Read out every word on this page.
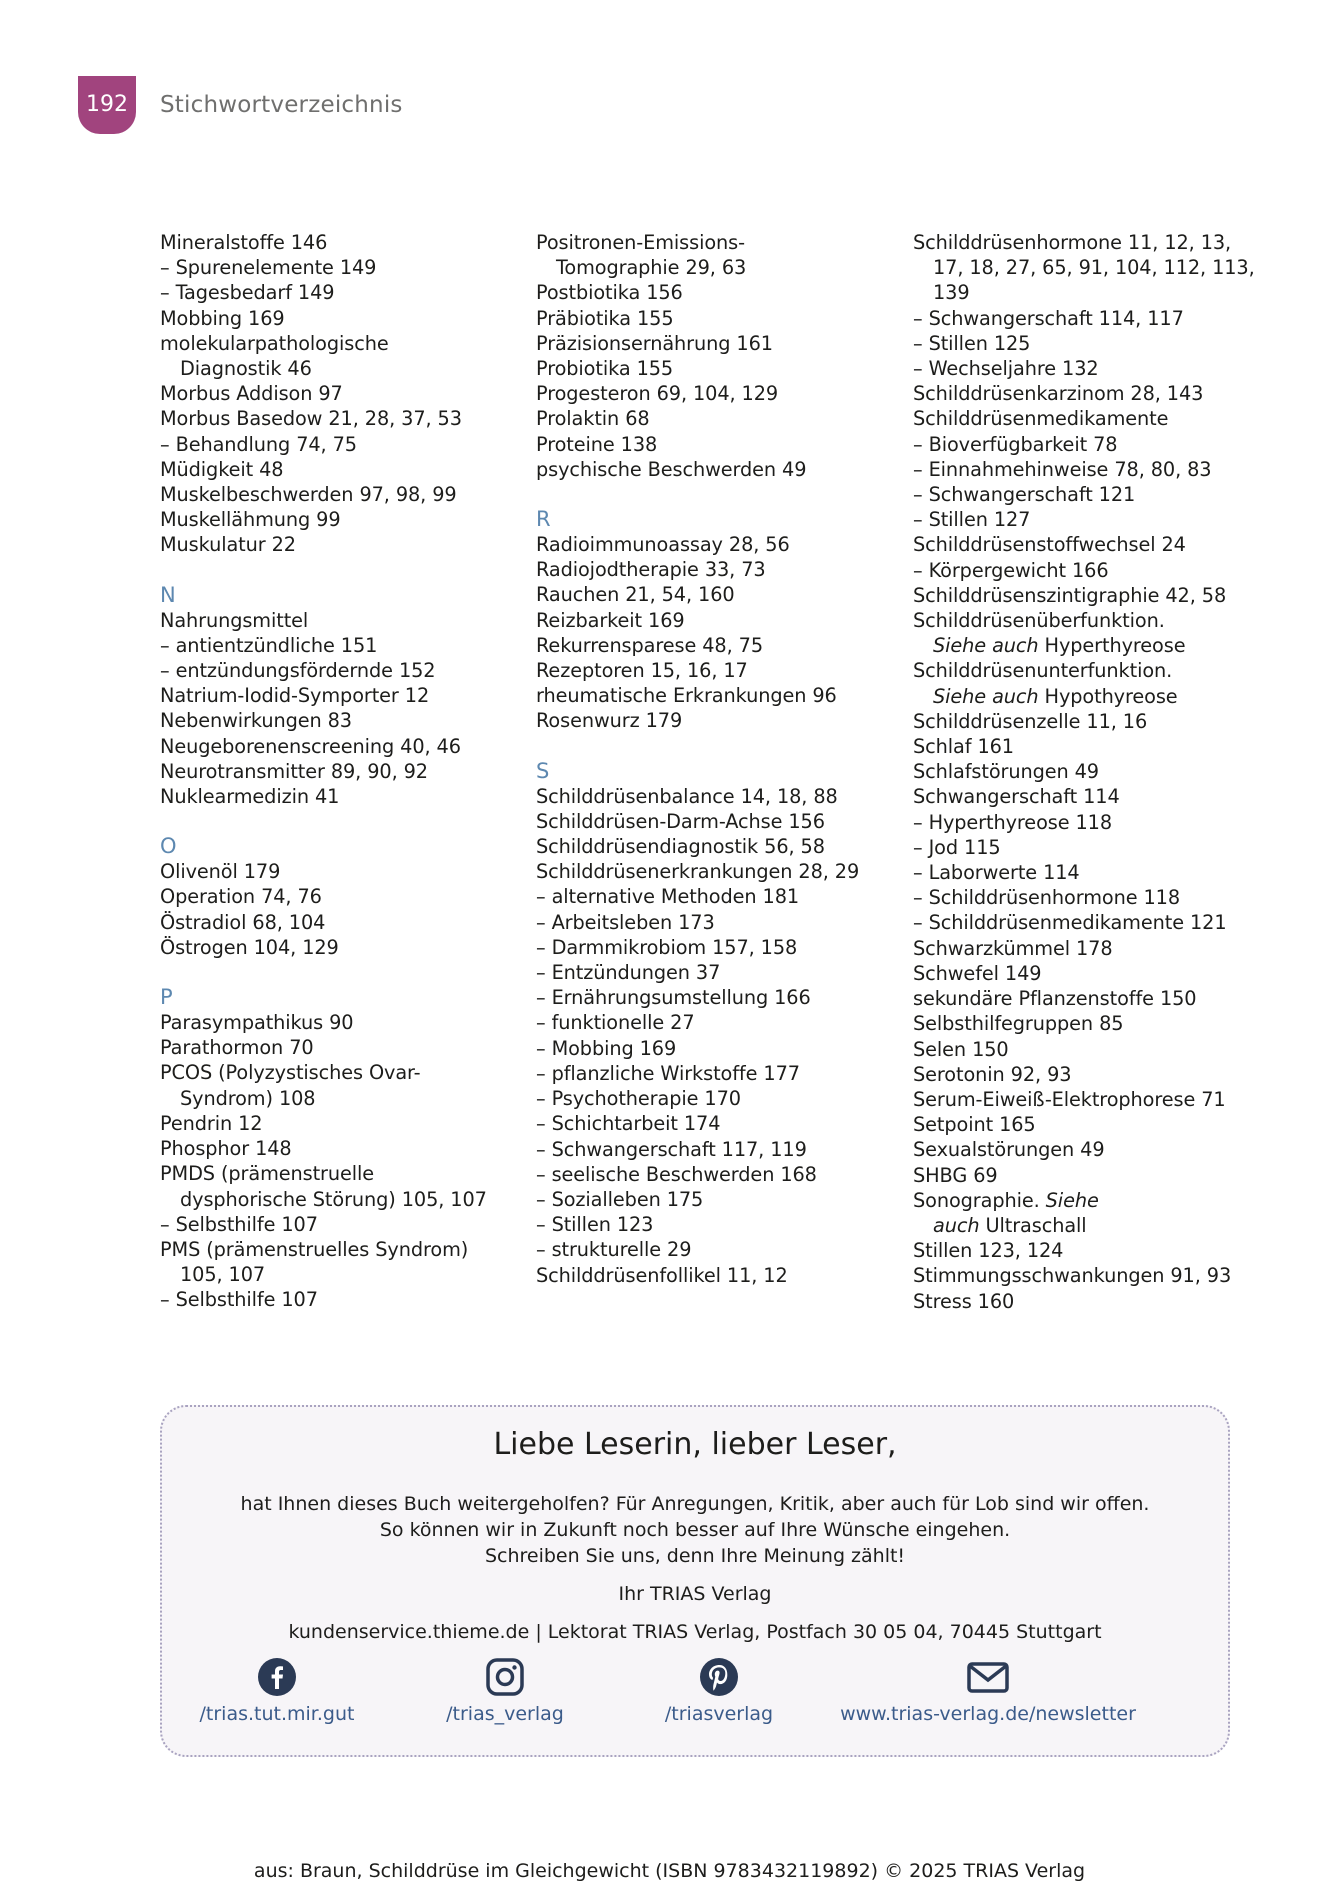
192	Stichwortverzeichnis
Mineralstoffe 146
– Spurenelemente 149
– Tagesbedarf 149
Mobbing 169
molekularpathologische
Diagnostik 46
Morbus Addison 97
Morbus Basedow 21, 28, 37, 53
– Behandlung 74, 75
Müdigkeit 48
Muskelbeschwerden 97, 98, 99
Muskellähmung 99
Muskulatur 22
N
Nahrungsmittel
– antientzündliche 151
– entzündungsfördernde 152
Natrium-Iodid-Symporter 12
Nebenwirkungen 83
Neugeborenenscreening 40, 46
Neurotransmitter 89, 90, 92
Nuklearmedizin 41
O
Olivenöl 179
Operation 74, 76
Östradiol 68, 104
Östrogen 104, 129
P
Parasympathikus 90
Parathormon 70
PCOS (Polyzystisches Ovar-
Syndrom) 108
Pendrin 12
Phosphor 148
PMDS (prämenstruelle
dysphorische Störung) 105, 107
– Selbsthilfe 107
PMS (prämenstruelles Syndrom)
105, 107
– Selbsthilfe 107
Positronen-Emissions-
Tomographie 29, 63
Postbiotika 156
Präbiotika 155
Präzisionsernährung 161
Probiotika 155
Progesteron 69, 104, 129
Prolaktin 68
Proteine 138
psychische Beschwerden 49
R
Radioimmunoassay 28, 56
Radiojodtherapie 33, 73
Rauchen 21, 54, 160
Reizbarkeit 169
Rekurrensparese 48, 75
Rezeptoren 15, 16, 17
rheumatische Erkrankungen 96
Rosenwurz 179
S
Schilddrüsenbalance 14, 18, 88
Schilddrüsen-Darm-Achse 156
Schilddrüsendiagnostik 56, 58
Schilddrüsenerkrankungen 28, 29
– alternative Methoden 181
– Arbeitsleben 173
– Darmmikrobiom 157, 158
– Entzündungen 37
– Ernährungsumstellung 166
– funktionelle 27
– Mobbing 169
– pflanzliche Wirkstoffe 177
– Psychotherapie 170
– Schichtarbeit 174
– Schwangerschaft 117, 119
– seelische Beschwerden 168
– Sozialleben 175
– Stillen 123
– strukturelle 29
Schilddrüsenfollikel 11, 12
Schilddrüsenhormone 11, 12, 13,
17, 18, 27, 65, 91, 104, 112, 113,
139
– Schwangerschaft 114, 117
– Stillen 125
– Wechseljahre 132
Schilddrüsenkarzinom 28, 143
Schilddrüsenmedikamente
– Bioverfügbarkeit 78
– Einnahmehinweise 78, 80, 83
– Schwangerschaft 121
– Stillen 127
Schilddrüsenstoffwechsel 24
– Körpergewicht 166
Schilddrüsenszintigraphie 42, 58
Schilddrüsenüberfunktion.
Siehe auch Hyperthyreose
Schilddrüsenunterfunktion.
Siehe auch Hypothyreose
Schilddrüsenzelle 11, 16
Schlaf 161
Schlafstörungen 49
Schwangerschaft 114
– Hyperthyreose 118
– Jod 115
– Laborwerte 114
– Schilddrüsenhormone 118
– Schilddrüsenmedikamente 121
Schwarzkümmel 178
Schwefel 149
sekundäre Pflanzenstoffe 150
Selbsthilfegruppen 85
Selen 150
Serotonin 92, 93
Serum-Eiweiß-Elektrophorese 71
Setpoint 165
Sexualstörungen 49
SHBG 69
Sonographie. Siehe
auch Ultraschall
Stillen 123, 124
Stimmungsschwankungen 91, 93
Stress 160
Liebe Leserin, lieber Leser,
hat Ihnen dieses Buch weitergeholfen? Für Anregungen, Kritik, aber auch für Lob sind wir offen.
So können wir in Zukunft noch besser auf Ihre Wünsche eingehen.
Schreiben Sie uns, denn Ihre Meinung zählt!
Ihr TRIAS Verlag
kundenservice.thieme.de | Lektorat TRIAS Verlag, Postfach 30 05 04, 70445 Stuttgart
/trias.tut.mir.gut	/trias_verlag	/triasverlag	www.trias-verlag.de/newsletter
aus: Braun, Schilddrüse im Gleichgewicht (ISBN 9783432119892) © 2025 TRIAS Verlag
